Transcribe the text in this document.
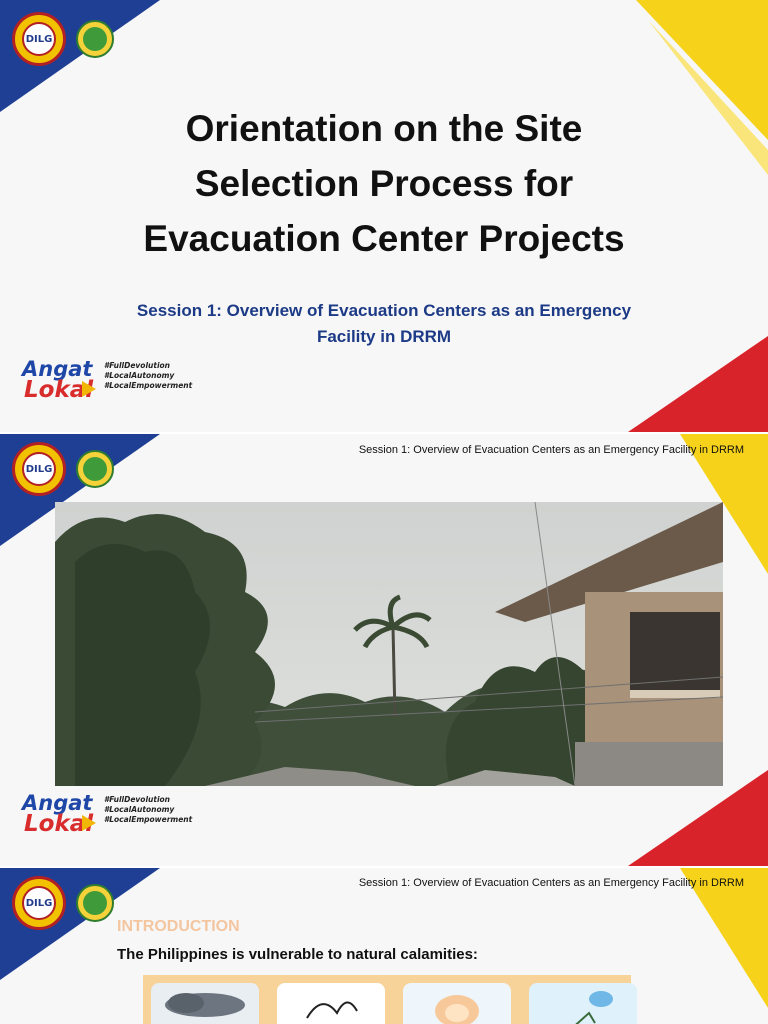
DILG
Orientation on the Site
Selection Process for
Evacuation Center Projects
Session 1: Overview of Evacuation Centers as an Emergency
Facility in DRRM
Angat
Lokal
#FullDevolution
#LocalAutonomy
#LocalEmpowerment
DILG
Session 1: Overview of Evacuation Centers as an Emergency Facility in DRRM
Angat
Lokal
#FullDevolution
#LocalAutonomy
#LocalEmpowerment
DILG
Session 1: Overview of Evacuation Centers as an Emergency Facility in DRRM
INTRODUCTION
The Philippines is vulnerable to natural calamities:
